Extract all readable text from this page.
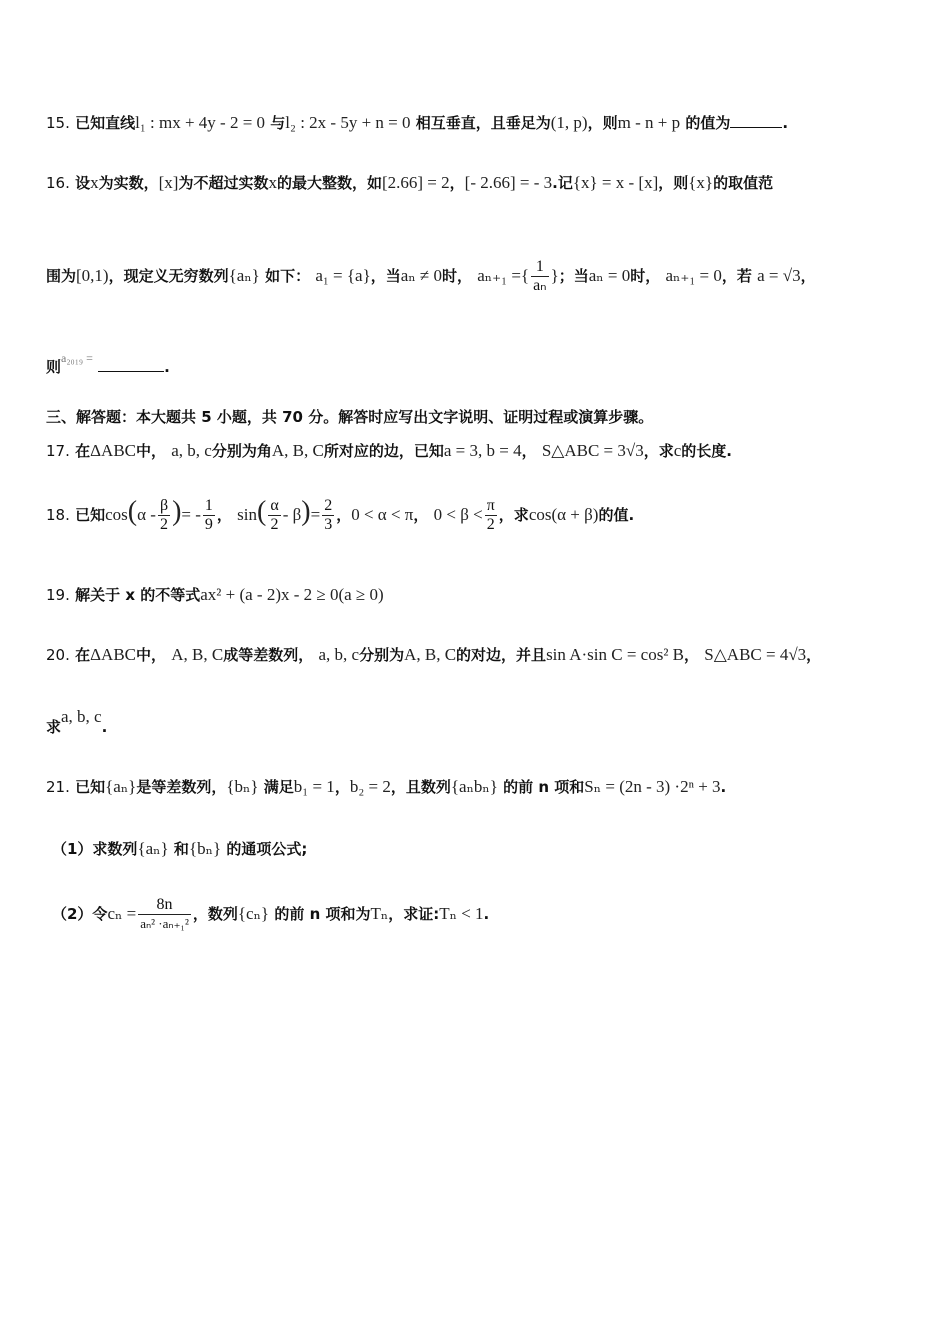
15. 已知直线l₁ : mx + 4y - 2 = 0 与l₂ : 2x - 5y + n = 0 相互垂直，且垂足为(1, p)，则m - n + p 的值为	.
16. 设x为实数，[x]为不超过实数x的最大整数，如[2.66] = 2，[- 2.66] = - 3.记{x} = x - [x]，则{x}的取值范
围为[0,1)，现定义无穷数列{aₙ} 如下： a₁ = {a}，当aₙ ≠ 0时， aₙ₊₁ ={ $\frac{1}{\text{aₙ}}$ }；当aₙ = 0时， aₙ₊₁ = 0，若 a = √3，
则$^{a_{2019} =}$	.
三、解答题：本大题共 5 小题，共 70 分。解答时应写出文字说明、证明过程或演算步骤。
17. 在ΔABC中， a, b, c分别为角A, B, C所对应的边，已知a = 3, b = 4， S△ABC = 3√3，求c的长度.
18. 已知$\cos(\alpha - \frac{\beta}{2}$ )= - $\frac{1}{9}$ ， $\sin( \frac{\alpha}{2} - \beta)= \frac{2}{3}$ ，0 < α < π， $0 < \beta < \frac{\pi}{2}$ ，求cos(α + β)的值.
19. 解关于 x 的不等式ax² + (a - 2)x - 2 ≥ 0(a ≥ 0)
20. 在ΔABC中， A, B, C成等差数列， a, b, c分别为A, B, C的对边，并且sin A·sin C = cos² B， S△ABC = 4√3，
求a, b, c.
21. 已知{aₙ}是等差数列，{bₙ} 满足b₁ = 1，b₂ = 2，且数列{aₙbₙ} 的前 n 项和Sₙ = (2n - 3) ·2ⁿ + 3.
（1）求数列{aₙ} 和{bₙ} 的通项公式;
（2）令$c_n = \frac{8n}{\text{aₙ² ·aₙ₊₁²}}$ ，数列{cₙ} 的前 n 项和为Tₙ，求证:Tₙ < 1.
